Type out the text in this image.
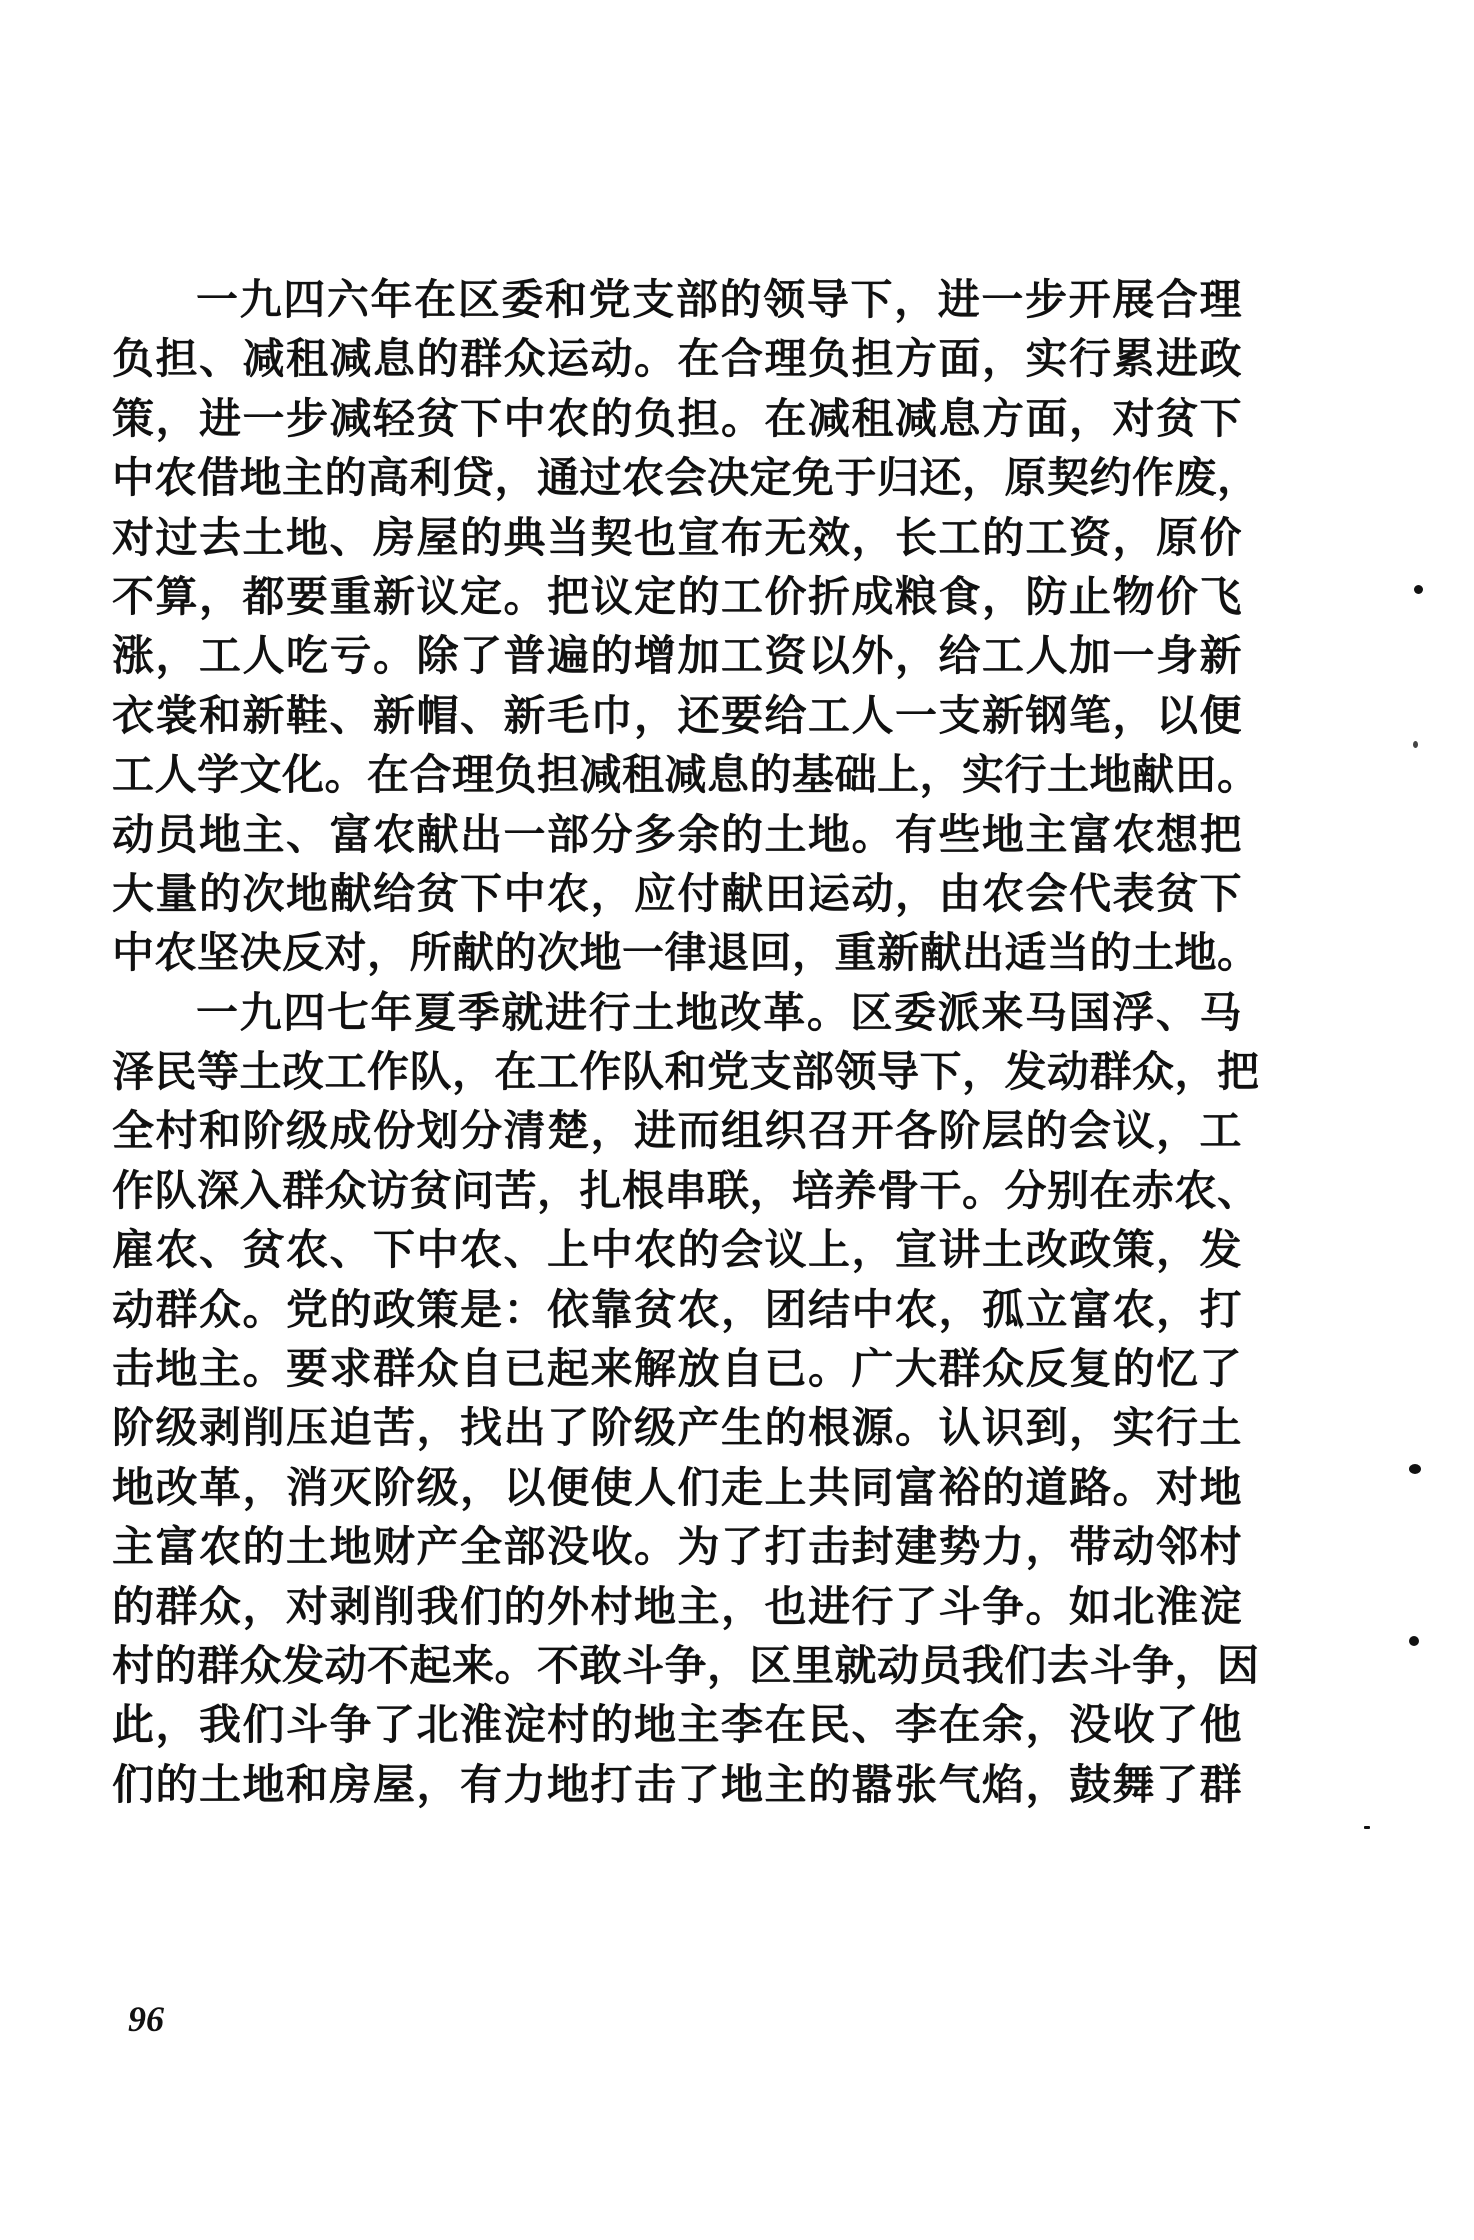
一九四六年在区委和党支部的领导下，进一步开展合理
负担、减租减息的群众运动。在合理负担方面，实行累进政
策，进一步减轻贫下中农的负担。在减租减息方面，对贫下
中农借地主的高利贷，通过农会决定免于归还，原契约作废，
对过去土地、房屋的典当契也宣布无效，长工的工资，原价
不算，都要重新议定。把议定的工价折成粮食，防止物价飞
涨，工人吃亏。除了普遍的增加工资以外，给工人加一身新
衣裳和新鞋、新帽、新毛巾，还要给工人一支新钢笔，以便
工人学文化。在合理负担减租减息的基础上，实行土地献田。
动员地主、富农献出一部分多余的土地。有些地主富农想把
大量的次地献给贫下中农，应付献田运动，由农会代表贫下
中农坚决反对，所献的次地一律退回，重新献出适当的土地。
一九四七年夏季就进行土地改革。区委派来马国浮、马
泽民等土改工作队，在工作队和党支部领导下，发动群众，把
全村和阶级成份划分清楚，进而组织召开各阶层的会议，工
作队深入群众访贫问苦，扎根串联，培养骨干。分别在赤农、
雇农、贫农、下中农、上中农的会议上，宣讲土改政策，发
动群众。党的政策是：依靠贫农，团结中农，孤立富农，打
击地主。要求群众自已起来解放自已。广大群众反复的忆了
阶级剥削压迫苦，找出了阶级产生的根源。认识到，实行土
地改革，消灭阶级，以便使人们走上共同富裕的道路。对地
主富农的土地财产全部没收。为了打击封建势力，带动邻村
的群众，对剥削我们的外村地主，也进行了斗争。如北淮淀
村的群众发动不起来。不敢斗争，区里就动员我们去斗争，因
此，我们斗争了北淮淀村的地主李在民、李在余，没收了他
们的土地和房屋，有力地打击了地主的嚣张气焰，鼓舞了群
96
